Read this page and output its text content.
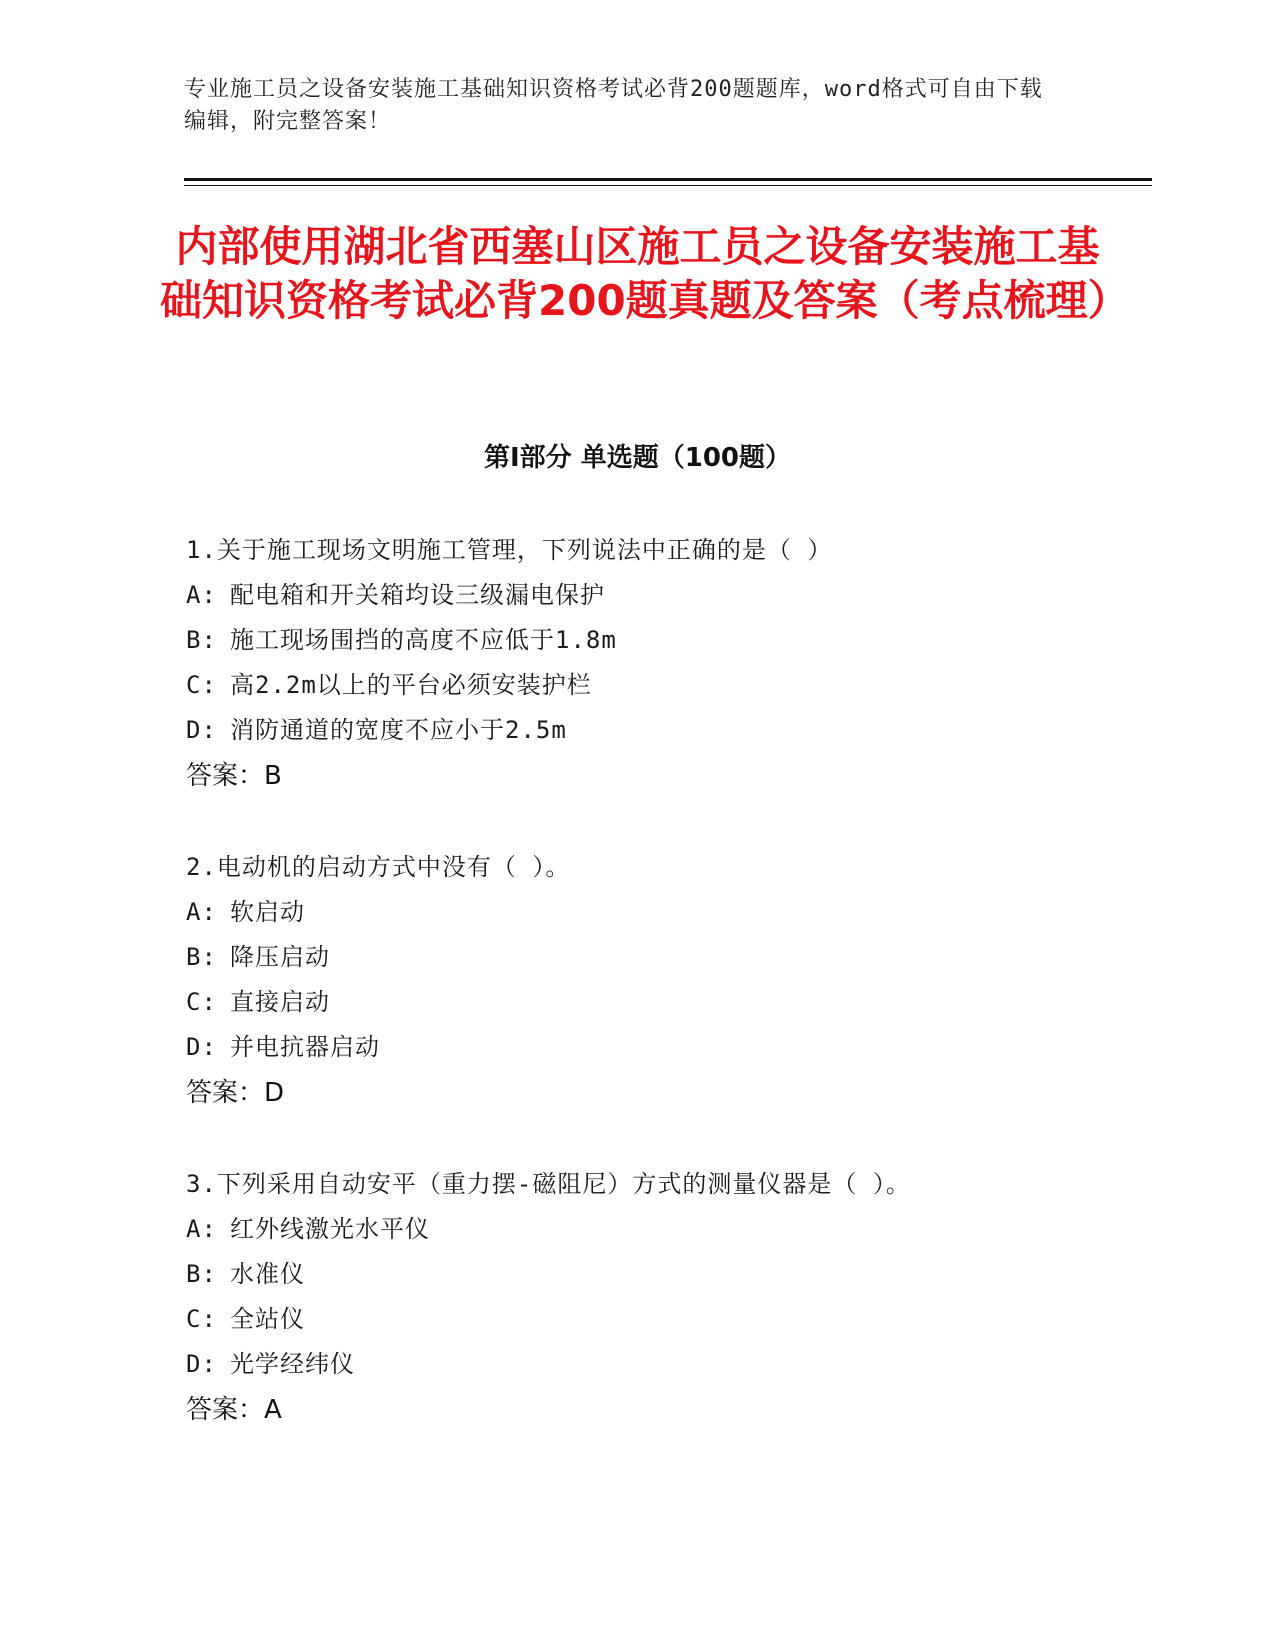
专业施工员之设备安装施工基础知识资格考试必背200题题库，word格式可自由下载编辑，附完整答案！
内部使用湖北省西塞山区施工员之设备安装施工基础知识资格考试必背200题真题及答案（考点梳理）
第I部分 单选题（100题）
1.关于施工现场文明施工管理，下列说法中正确的是（ ）
A: 配电箱和开关箱均设三级漏电保护
B: 施工现场围挡的高度不应低于1.8m
C: 高2.2m以上的平台必须安装护栏
D: 消防通道的宽度不应小于2.5m
答案：B
2.电动机的启动方式中没有（ ）。
A: 软启动
B: 降压启动
C: 直接启动
D: 并电抗器启动
答案：D
3.下列采用自动安平（重力摆-磁阻尼）方式的测量仪器是（ ）。
A: 红外线激光水平仪
B: 水准仪
C: 全站仪
D: 光学经纬仪
答案：A
